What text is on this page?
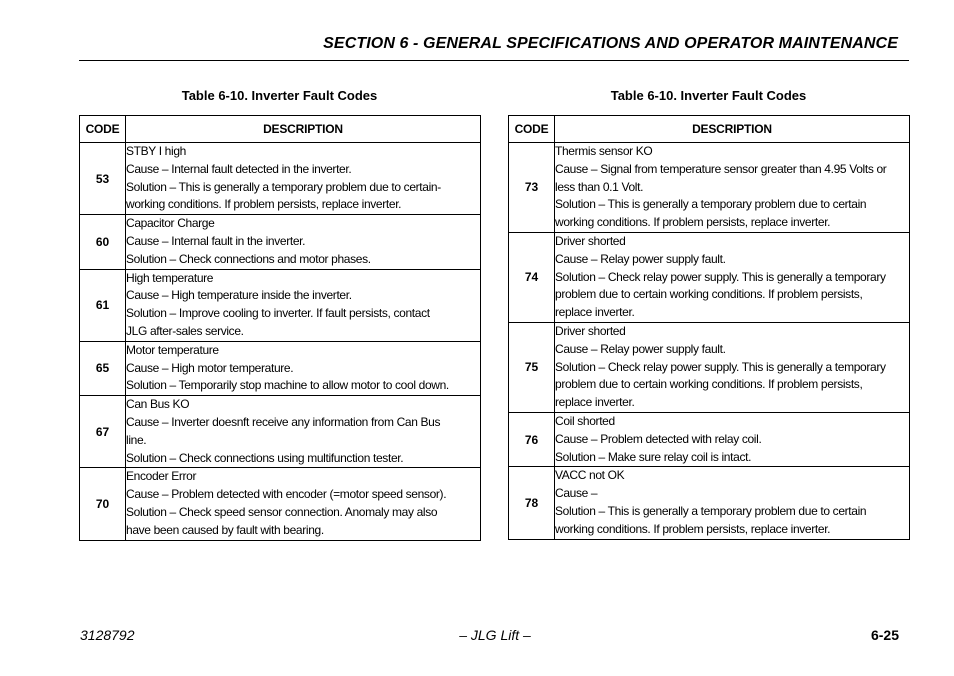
SECTION 6 - GENERAL SPECIFICATIONS AND OPERATOR MAINTENANCE
Table 6-10. Inverter Fault Codes	Table 6-10. Inverter Fault Codes
CODE	DESCRIPTION
53	STBY I high
Cause – Internal fault detected in the inverter.
Solution – This is generally a temporary problem due to certain-
working conditions. If problem persists, replace inverter.

60	Capacitor Charge
Cause – Internal fault in the inverter.
Solution – Check connections and motor phases.

61	High temperature
Cause – High temperature inside the inverter.
Solution – Improve cooling to inverter. If fault persists, contact
JLG after-sales service.

65	Motor temperature
Cause – High motor temperature.
Solution – Temporarily stop machine to allow motor to cool down.

67	Can Bus KO
Cause – Inverter doesnft receive any information from Can Bus
line.
Solution – Check connections using multifunction tester.

70	Encoder Error
Cause – Problem detected with encoder (=motor speed sensor).
Solution – Check speed sensor connection. Anomaly may also
have been caused by fault with bearing.
CODE	DESCRIPTION
73	Thermis sensor KO
Cause – Signal from temperature sensor greater than 4.95 Volts or
less than 0.1 Volt.
Solution – This is generally a temporary problem due to certain
working conditions. If problem persists, replace inverter.

74	Driver shorted
Cause – Relay power supply fault.
Solution – Check relay power supply. This is generally a temporary
problem due to certain working conditions. If problem persists,
replace inverter.

75	Driver shorted
Cause – Relay power supply fault.
Solution – Check relay power supply. This is generally a temporary
problem due to certain working conditions. If problem persists,
replace inverter.

76	Coil shorted
Cause – Problem detected with relay coil.
Solution – Make sure relay coil is intact.

78	VACC not OK
Cause –
Solution – This is generally a temporary problem due to certain
working conditions. If problem persists, replace inverter.
3128792	– JLG Lift –	6-25
